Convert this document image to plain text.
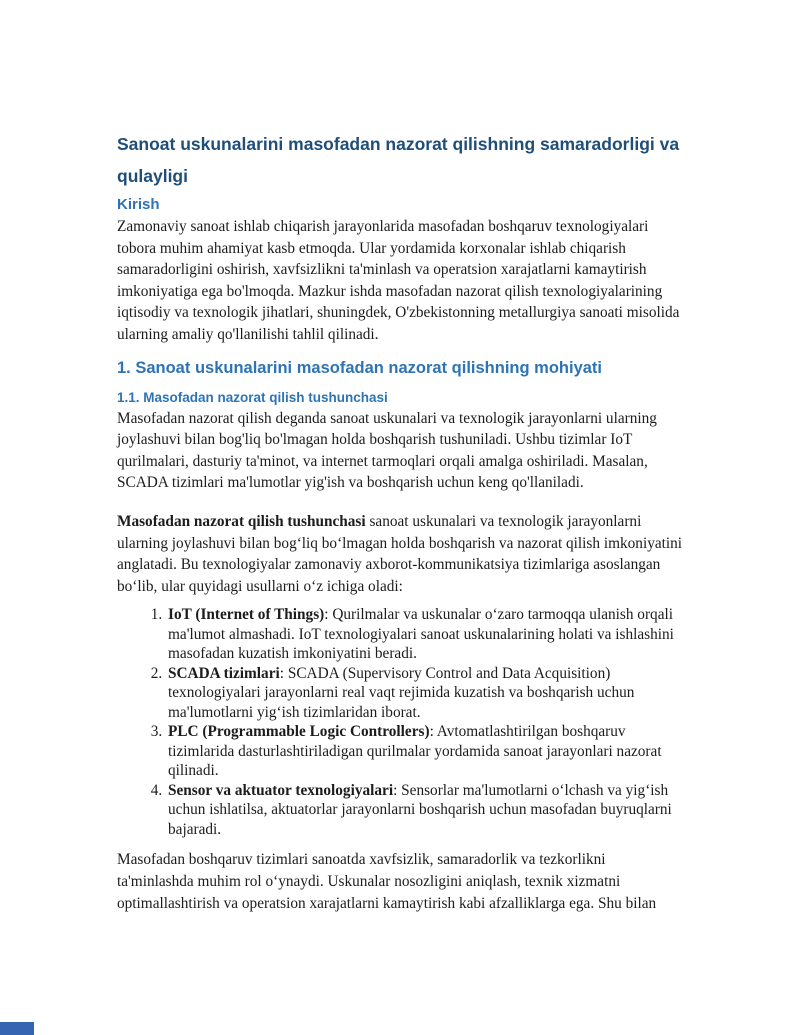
Sanoat uskunalarini masofadan nazorat qilishning samaradorligi va qulayligi
Kirish

Zamonaviy sanoat ishlab chiqarish jarayonlarida masofadan boshqaruv texnologiyalari tobora muhim ahamiyat kasb etmoqda. Ular yordamida korxonalar ishlab chiqarish samaradorligini oshirish, xavfsizlikni ta'minlash va operatsion xarajatlarni kamaytirish imkoniyatiga ega bo'lmoqda. Mazkur ishda masofadan nazorat qilish texnologiyalarining iqtisodiy va texnologik jihatlari, shuningdek, O'zbekistonning metallurgiya sanoati misolida ularning amaliy qo'llanilishi tahlil qilinadi.

1. Sanoat uskunalarini masofadan nazorat qilishning mohiyati
1.1. Masofadan nazorat qilish tushunchasi

Masofadan nazorat qilish deganda sanoat uskunalari va texnologik jarayonlarni ularning joylashuvi bilan bog'liq bo'lmagan holda boshqarish tushuniladi. Ushbu tizimlar IoT qurilmalari, dasturiy ta'minot, va internet tarmoqlari orqali amalga oshiriladi. Masalan, SCADA tizimlari ma'lumotlar yig'ish va boshqarish uchun keng qo'llaniladi.

Masofadan nazorat qilish tushunchasi sanoat uskunalari va texnologik jarayonlarni ularning joylashuvi bilan bogʻliq boʻlmagan holda boshqarish va nazorat qilish imkoniyatini anglatadi. Bu texnologiyalar zamonaviy axborot-kommunikatsiya tizimlariga asoslangan boʻlib, ular quyidagi usullarni oʻz ichiga oladi:

1. IoT (Internet of Things): Qurilmalar va uskunalar oʻzaro tarmoqqa ulanish orqali ma'lumot almashadi. IoT texnologiyalari sanoat uskunalarining holati va ishlashini masofadan kuzatish imkoniyatini beradi.
2. SCADA tizimlari: SCADA (Supervisory Control and Data Acquisition) texnologiyalari jarayonlarni real vaqt rejimida kuzatish va boshqarish uchun ma'lumotlarni yigʻish tizimlaridan iborat.
3. PLC (Programmable Logic Controllers): Avtomatlashtirilgan boshqaruv tizimlarida dasturlashtiriladigan qurilmalar yordamida sanoat jarayonlari nazorat qilinadi.
4. Sensor va aktuator texnologiyalari: Sensorlar ma'lumotlarni oʻlchash va yigʻish uchun ishlatilsa, aktuatorlar jarayonlarni boshqarish uchun masofadan buyruqlarni bajaradi.

Masofadan boshqaruv tizimlari sanoatda xavfsizlik, samaradorlik va tezkorlikni ta'minlashda muhim rol oʻynaydi. Uskunalar nosozligini aniqlash, texnik xizmatni optimallashtirish va operatsion xarajatlarni kamaytirish kabi afzalliklarga ega. Shu bilan
